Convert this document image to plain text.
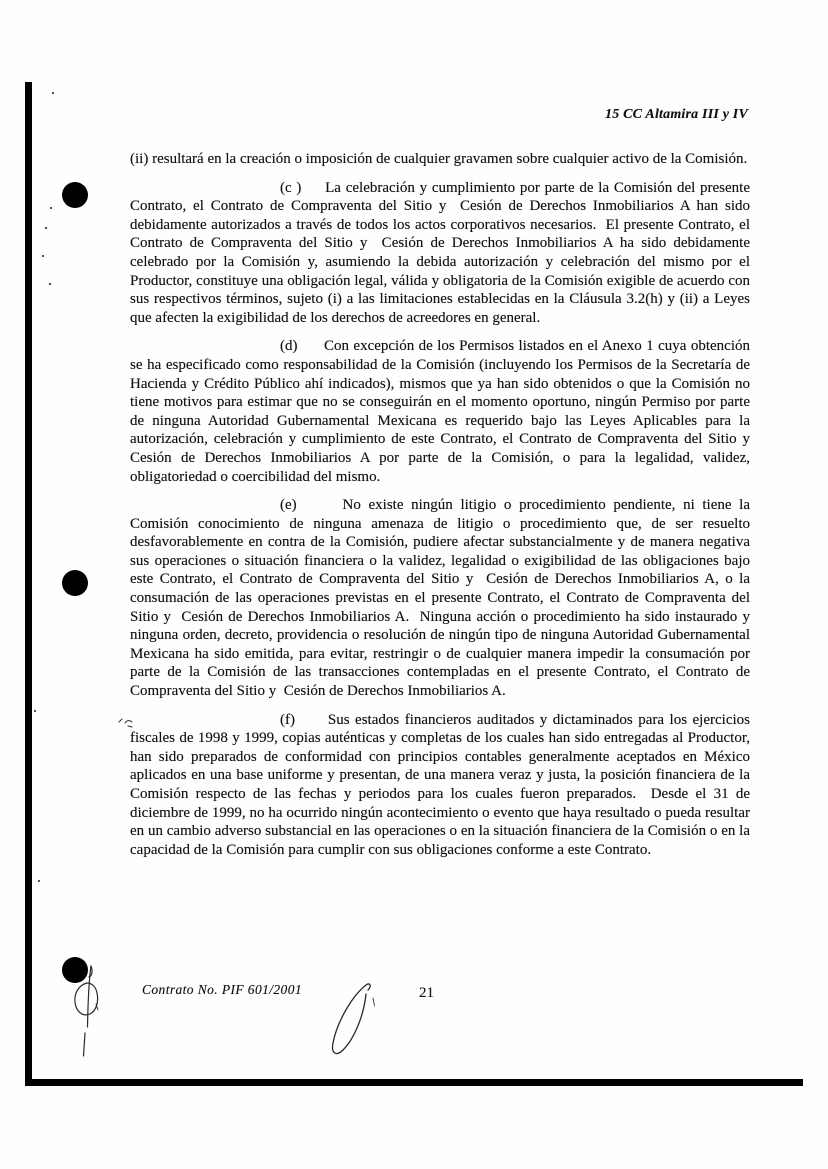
15 CC Altamira III y IV

(ii) resultará en la creación o imposición de cualquier gravamen sobre cualquier activo de la Comisión.

(c )     La celebración y cumplimiento por parte de la Comisión del presente Contrato, el Contrato de Compraventa del Sitio y  Cesión de Derechos Inmobiliarios A han sido debidamente autorizados a través de todos los actos corporativos necesarios.  El presente Contrato, el Contrato de Compraventa del Sitio y  Cesión de Derechos Inmobiliarios A ha sido debidamente celebrado por la Comisión y, asumiendo la debida autorización y celebración del mismo por el Productor, constituye una obligación legal, válida y obligatoria de la Comisión exigible de acuerdo con sus respectivos términos, sujeto (i) a las limitaciones establecidas en la Cláusula 3.2(h) y (ii) a Leyes que afecten la exigibilidad de los derechos de acreedores en general.

(d)      Con excepción de los Permisos listados en el Anexo 1 cuya obtención se ha especificado como responsabilidad de la Comisión (incluyendo los Permisos de la Secretaría de Hacienda y Crédito Público ahí indicados), mismos que ya han sido obtenidos o que la Comisión no tiene motivos para estimar que no se conseguirán en el momento oportuno, ningún Permiso por parte de ninguna Autoridad Gubernamental Mexicana es requerido bajo las Leyes Aplicables para la autorización, celebración y cumplimiento de este Contrato, el Contrato de Compraventa del Sitio y Cesión de Derechos Inmobiliarios A por parte de la Comisión, o para la legalidad, validez, obligatoriedad o coercibilidad del mismo.

(e)      No existe ningún litigio o procedimiento pendiente, ni tiene la Comisión conocimiento de ninguna amenaza de litigio o procedimiento que, de ser resuelto desfavorablemente en contra de la Comisión, pudiere afectar substancialmente y de manera negativa sus operaciones o situación financiera o la validez, legalidad o exigibilidad de las obligaciones bajo este Contrato, el Contrato de Compraventa del Sitio y  Cesión de Derechos Inmobiliarios A, o la consumación de las operaciones previstas en el presente Contrato, el Contrato de Compraventa del Sitio y  Cesión de Derechos Inmobiliarios A.  Ninguna acción o procedimiento ha sido instaurado y ninguna orden, decreto, providencia o resolución de ningún tipo de ninguna Autoridad Gubernamental Mexicana ha sido emitida, para evitar, restringir o de cualquier manera impedir la consumación por parte de la Comisión de las transacciones contempladas en el presente Contrato, el Contrato de Compraventa del Sitio y  Cesión de Derechos Inmobiliarios A.

(f)      Sus estados financieros auditados y dictaminados para los ejercicios fiscales de 1998 y 1999, copias auténticas y completas de los cuales han sido entregadas al Productor, han sido preparados de conformidad con principios contables generalmente aceptados en México aplicados en una base uniforme y presentan, de una manera veraz y justa, la posición financiera de la Comisión respecto de las fechas y periodos para los cuales fueron preparados.  Desde el 31 de diciembre de 1999, no ha ocurrido ningún acontecimiento o evento que haya resultado o pueda resultar en un cambio adverso substancial en las operaciones o en la situación financiera de la Comisión o en la capacidad de la Comisión para cumplir con sus obligaciones conforme a este Contrato.

Contrato No. PIF 601/2001	21
